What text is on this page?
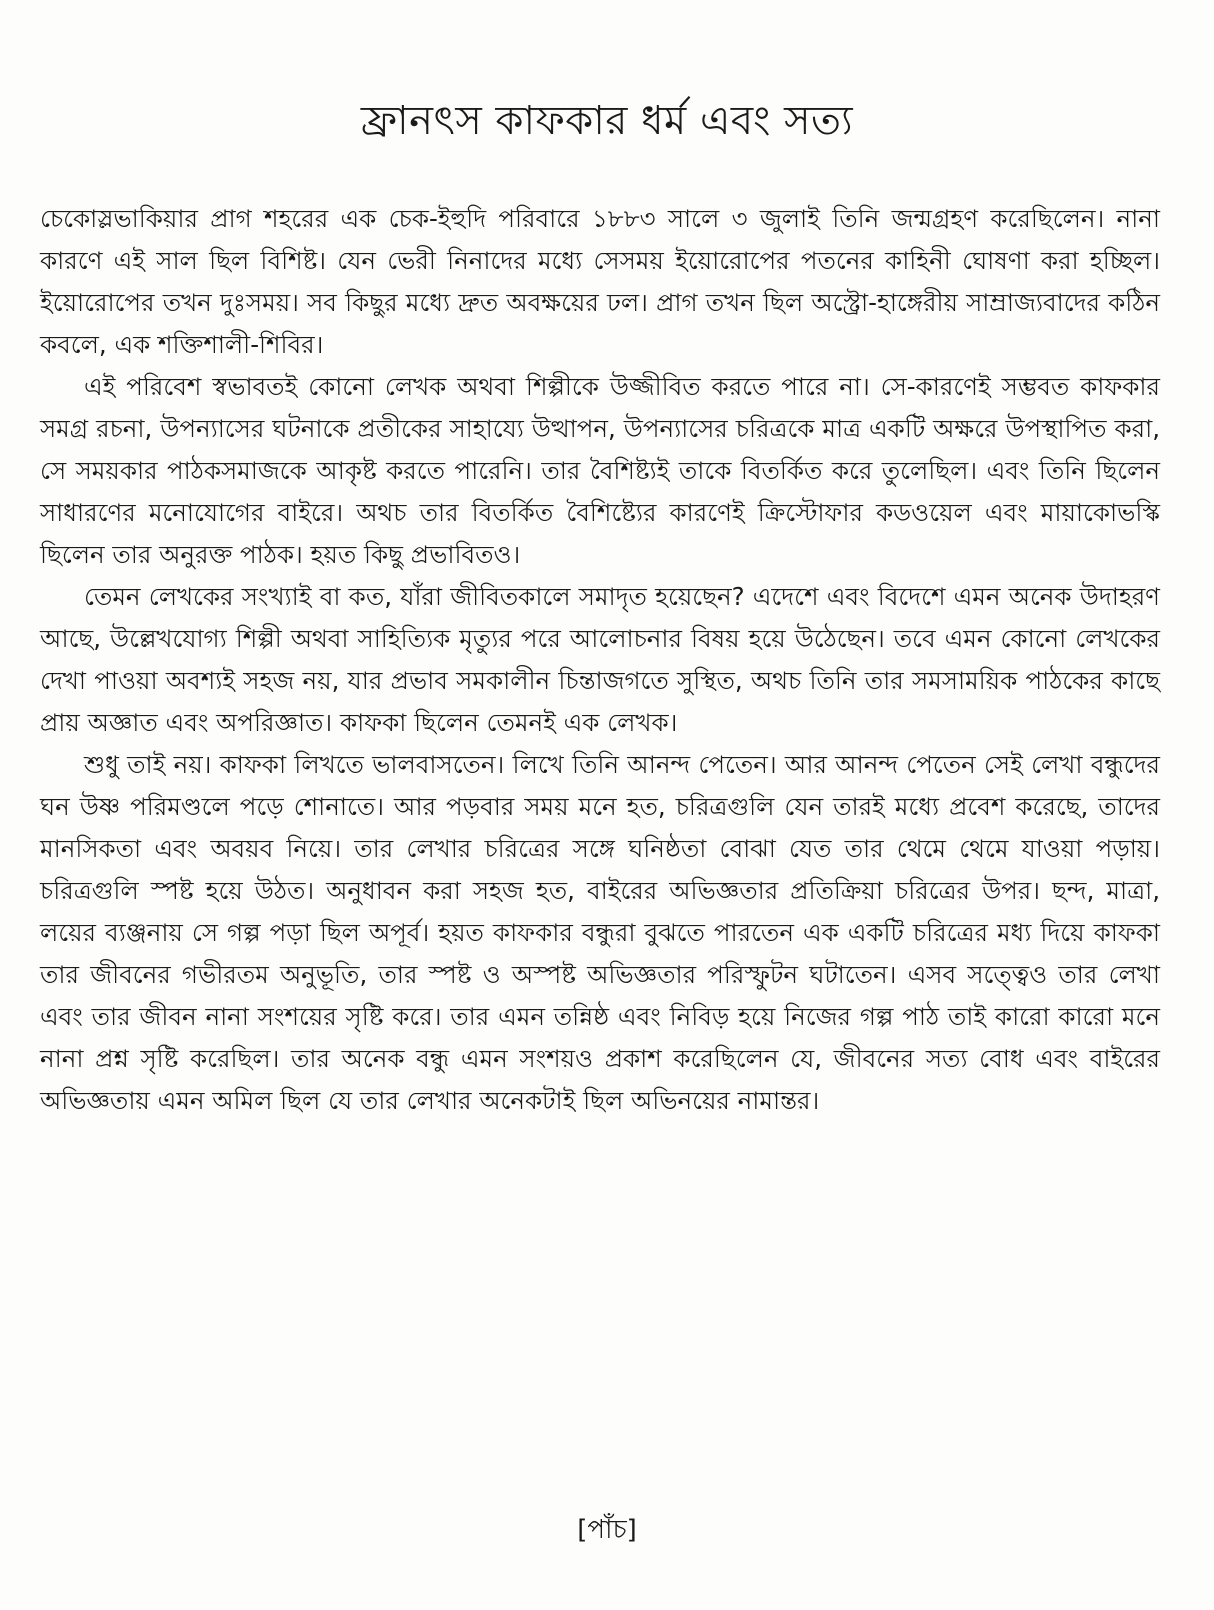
ফ্রানৎস কাফকার ধর্ম এবং সত্য

চেকোস্লভাকিয়ার প্রাগ শহরের এক চেক-ইহুদি পরিবারে ১৮৮৩ সালে ৩ জুলাই তিনি জন্মগ্রহণ করেছিলেন। নানা কারণে এই সাল ছিল বিশিষ্ট। যেন ভেরী নিনাদের মধ্যে সেসময় ইয়োরোপের পতনের কাহিনী ঘোষণা করা হচ্ছিল। ইয়োরোপের তখন দুঃসময়। সব কিছুর মধ্যে দ্রুত অবক্ষয়ের ঢল। প্রাগ তখন ছিল অস্ট্রো-হাঙ্গেরীয় সাম্রাজ্যবাদের কঠিন কবলে, এক শক্তিশালী-শিবির।

এই পরিবেশ স্বভাবতই কোনো লেখক অথবা শিল্পীকে উজ্জীবিত করতে পারে না। সে-কারণেই সম্ভবত কাফকার সমগ্র রচনা, উপন্যাসের ঘটনাকে প্রতীকের সাহায্যে উত্থাপন, উপন্যাসের চরিত্রকে মাত্র একটি অক্ষরে উপস্থাপিত করা, সে সময়কার পাঠকসমাজকে আকৃষ্ট করতে পারেনি। তার বৈশিষ্ট্যই তাকে বিতর্কিত করে তুলেছিল। এবং তিনি ছিলেন সাধারণের মনোযোগের বাইরে। অথচ তার বিতর্কিত বৈশিষ্ট্যের কারণেই ক্রিস্টোফার কডওয়েল এবং মায়াকোভস্কি ছিলেন তার অনুরক্ত পাঠক। হয়ত কিছু প্রভাবিতও।

তেমন লেখকের সংখ্যাই বা কত, যাঁরা জীবিতকালে সমাদৃত হয়েছেন? এদেশে এবং বিদেশে এমন অনেক উদাহরণ আছে, উল্লেখযোগ্য শিল্পী অথবা সাহিত্যিক মৃত্যুর পরে আলোচনার বিষয় হয়ে উঠেছেন। তবে এমন কোনো লেখকের দেখা পাওয়া অবশ্যই সহজ নয়, যার প্রভাব সমকালীন চিন্তাজগতে সুস্থিত, অথচ তিনি তার সমসাময়িক পাঠকের কাছে প্রায় অজ্ঞাত এবং অপরিজ্ঞাত। কাফকা ছিলেন তেমনই এক লেখক।

শুধু তাই নয়। কাফকা লিখতে ভালবাসতেন। লিখে তিনি আনন্দ পেতেন। আর আনন্দ পেতেন সেই লেখা বন্ধুদের ঘন উষ্ণ পরিমণ্ডলে পড়ে শোনাতে। আর পড়বার সময় মনে হত, চরিত্রগুলি যেন তারই মধ্যে প্রবেশ করেছে, তাদের মানসিকতা এবং অবয়ব নিয়ে। তার লেখার চরিত্রের সঙ্গে ঘনিষ্ঠতা বোঝা যেত তার থেমে থেমে যাওয়া পড়ায়। চরিত্রগুলি স্পষ্ট হয়ে উঠত। অনুধাবন করা সহজ হত, বাইরের অভিজ্ঞতার প্রতিক্রিয়া চরিত্রের উপর। ছন্দ, মাত্রা, লয়ের ব্যঞ্জনায় সে গল্প পড়া ছিল অপূর্ব। হয়ত কাফকার বন্ধুরা বুঝতে পারতেন এক একটি চরিত্রের মধ্য দিয়ে কাফকা তার জীবনের গভীরতম অনুভূতি, তার স্পষ্ট ও অস্পষ্ট অভিজ্ঞতার পরিস্ফুটন ঘটাতেন। এসব সত্ত্বেও তার লেখা এবং তার জীবন নানা সংশয়ের সৃষ্টি করে। তার এমন তন্নিষ্ঠ এবং নিবিড় হয়ে নিজের গল্প পাঠ তাই কারো কারো মনে নানা প্রশ্ন সৃষ্টি করেছিল। তার অনেক বন্ধু এমন সংশয়ও প্রকাশ করেছিলেন যে, জীবনের সত্য বোধ এবং বাইরের অভিজ্ঞতায় এমন অমিল ছিল যে তার লেখার অনেকটাই ছিল অভিনয়ের নামান্তর।

[পাঁচ]
